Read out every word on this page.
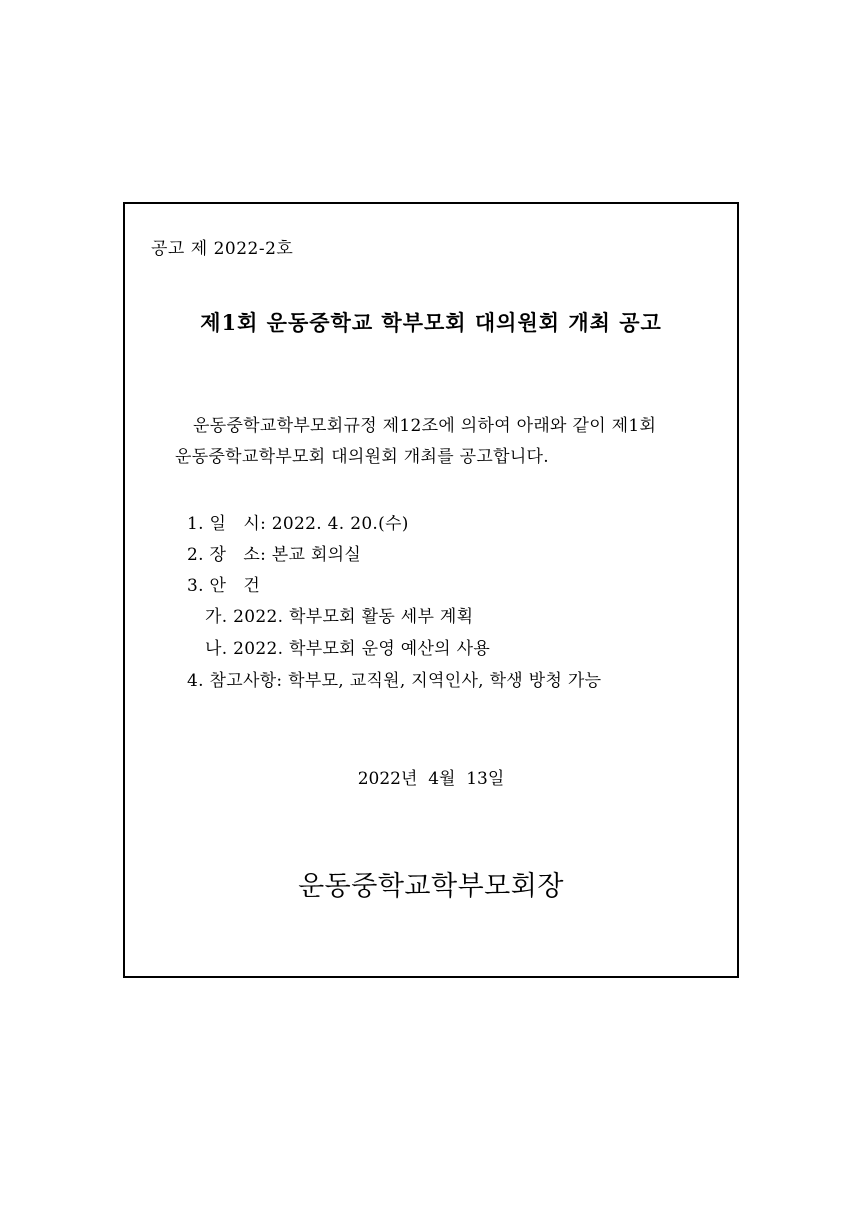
공고 제 2022-2호
제1회 운동중학교 학부모회 대의원회 개최 공고
운동중학교학부모회규정 제12조에 의하여 아래와 같이 제1회
운동중학교학부모회 대의원회 개최를 공고합니다.
1. 일   시: 2022. 4. 20.(수)
2. 장   소: 본교 회의실
3. 안   건
가. 2022. 학부모회 활동 세부 계획
나. 2022. 학부모회 운영 예산의 사용
4. 참고사항: 학부모, 교직원, 지역인사, 학생 방청 가능
2022년  4월  13일
운동중학교학부모회장
